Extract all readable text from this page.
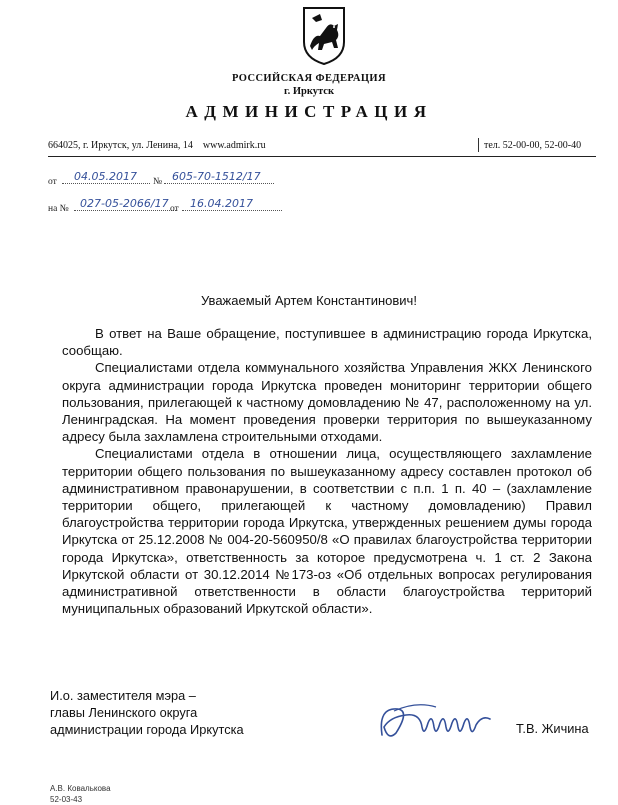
РОССИЙСКАЯ ФЕДЕРАЦИЯ
г. Иркутск
АДМИНИСТРАЦИЯ
664025, г. Иркутск, ул. Ленина, 14 www.admirk.ru	тел. 52-00-00, 52-00-40
от 04.05.2017 № 605-70-1512/17
на № 027-05-2066/17 от 16.04.2017
Уважаемый Артем Константинович!

В ответ на Ваше обращение, поступившее в администрацию города Иркутска, сообщаю.

Специалистами отдела коммунального хозяйства Управления ЖКХ Ленинского округа администрации города Иркутска проведен мониторинг территории общего пользования, прилегающей к частному домовладению № 47, расположенному на ул. Ленинградская. На момент проведения проверки территория по вышеуказанному адресу была захламлена строительными отходами.

Специалистами отдела в отношении лица, осуществляющего захламление территории общего пользования по вышеуказанному адресу составлен протокол об административном правонарушении, в соответствии с п.п. 1 п. 40 – (захламление территории общего, прилегающей к частному домовладению) Правил благоустройства территории города Иркутска, утвержденных решением думы города Иркутска от 25.12.2008 № 004-20-560950/8 «О правилах благоустройства территории города Иркутска», ответственность за которое предусмотрена ч. 1 ст. 2 Закона Иркутской области от 30.12.2014 №173-оз «Об отдельных вопросах регулирования административной ответственности в области благоустройства территорий муниципальных образований Иркутской области».

И.о. заместителя мэра –
главы Ленинского округа
администрации города Иркутска	Т.В. Жичина
А.В. Ковалькова
52-03-43
